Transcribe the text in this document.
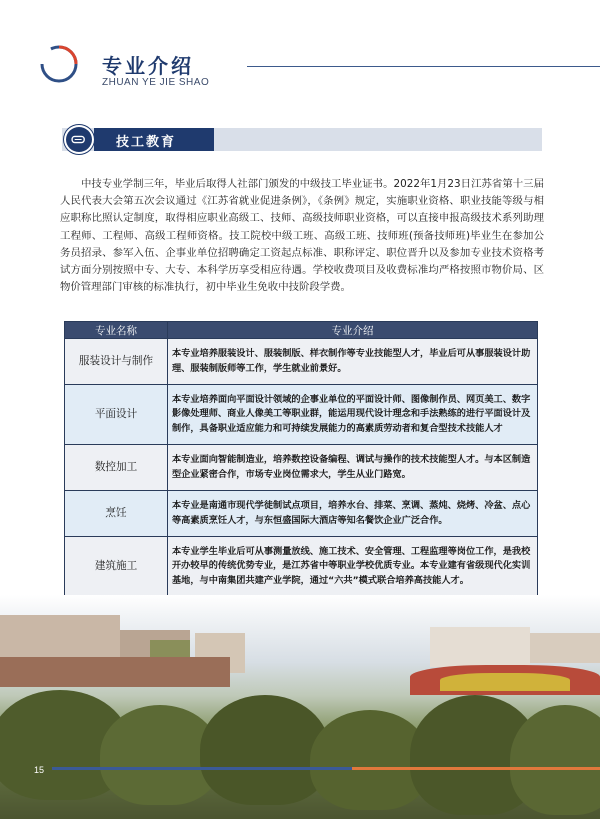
专业介绍
ZHUAN YE JIE SHAO
技工教育

中技专业学制三年，毕业后取得人社部门颁发的中级技工毕业证书。2022年1月23日江苏省第十三届人民代表大会第五次会议通过《江苏省就业促进条例》，《条例》规定，实施职业资格、职业技能等级与相应职称比照认定制度，取得相应职业高级工、技师、高级技师职业资格，可以直接申报高级技术系列助理工程师、工程师、高级工程师资格。技工院校中级工班、高级工班、技师班(预备技师班)毕业生在参加公务员招录、参军入伍、企事业单位招聘确定工资起点标准、职称评定、职位晋升以及参加专业技术资格考试方面分别按照中专、大专、本科学历享受相应待遇。学校收费项目及收费标准均严格按照市物价局、区物价管理部门审核的标准执行，初中毕业生免收中技阶段学费。

专业名称	专业介绍
服装设计与制作	本专业培养服装设计、服装制版、样衣制作等专业技能型人才，毕业后可从事服装设计助理、服装制版师等工作，学生就业前景好。
平面设计	本专业培养面向平面设计领域的企事业单位的平面设计师、图像制作员、网页美工、数字影像处理师、商业人像美工等职业群，能运用现代设计理念和手法熟练的进行平面设计及制作，具备职业适应能力和可持续发展能力的高素质劳动者和复合型技术技能人才
数控加工	本专业面向智能制造业，培养数控设备编程、调试与操作的技术技能型人才。与本区制造型企业紧密合作，市场专业岗位需求大，学生从业门路宽。
烹饪	本专业是南通市现代学徒制试点项目，培养水台、排菜、烹调、蒸炖、烧烤、冷盆、点心等高素质烹饪人才，与东恒盛国际大酒店等知名餐饮企业广泛合作。
建筑施工	本专业学生毕业后可从事测量放线、施工技术、安全管理、工程监理等岗位工作，是我校开办较早的传统优势专业，是江苏省中等职业学校优质专业。本专业建有省级现代化实训基地，与中南集团共建产业学院，通过“六共”模式联合培养高技能人才。
15
